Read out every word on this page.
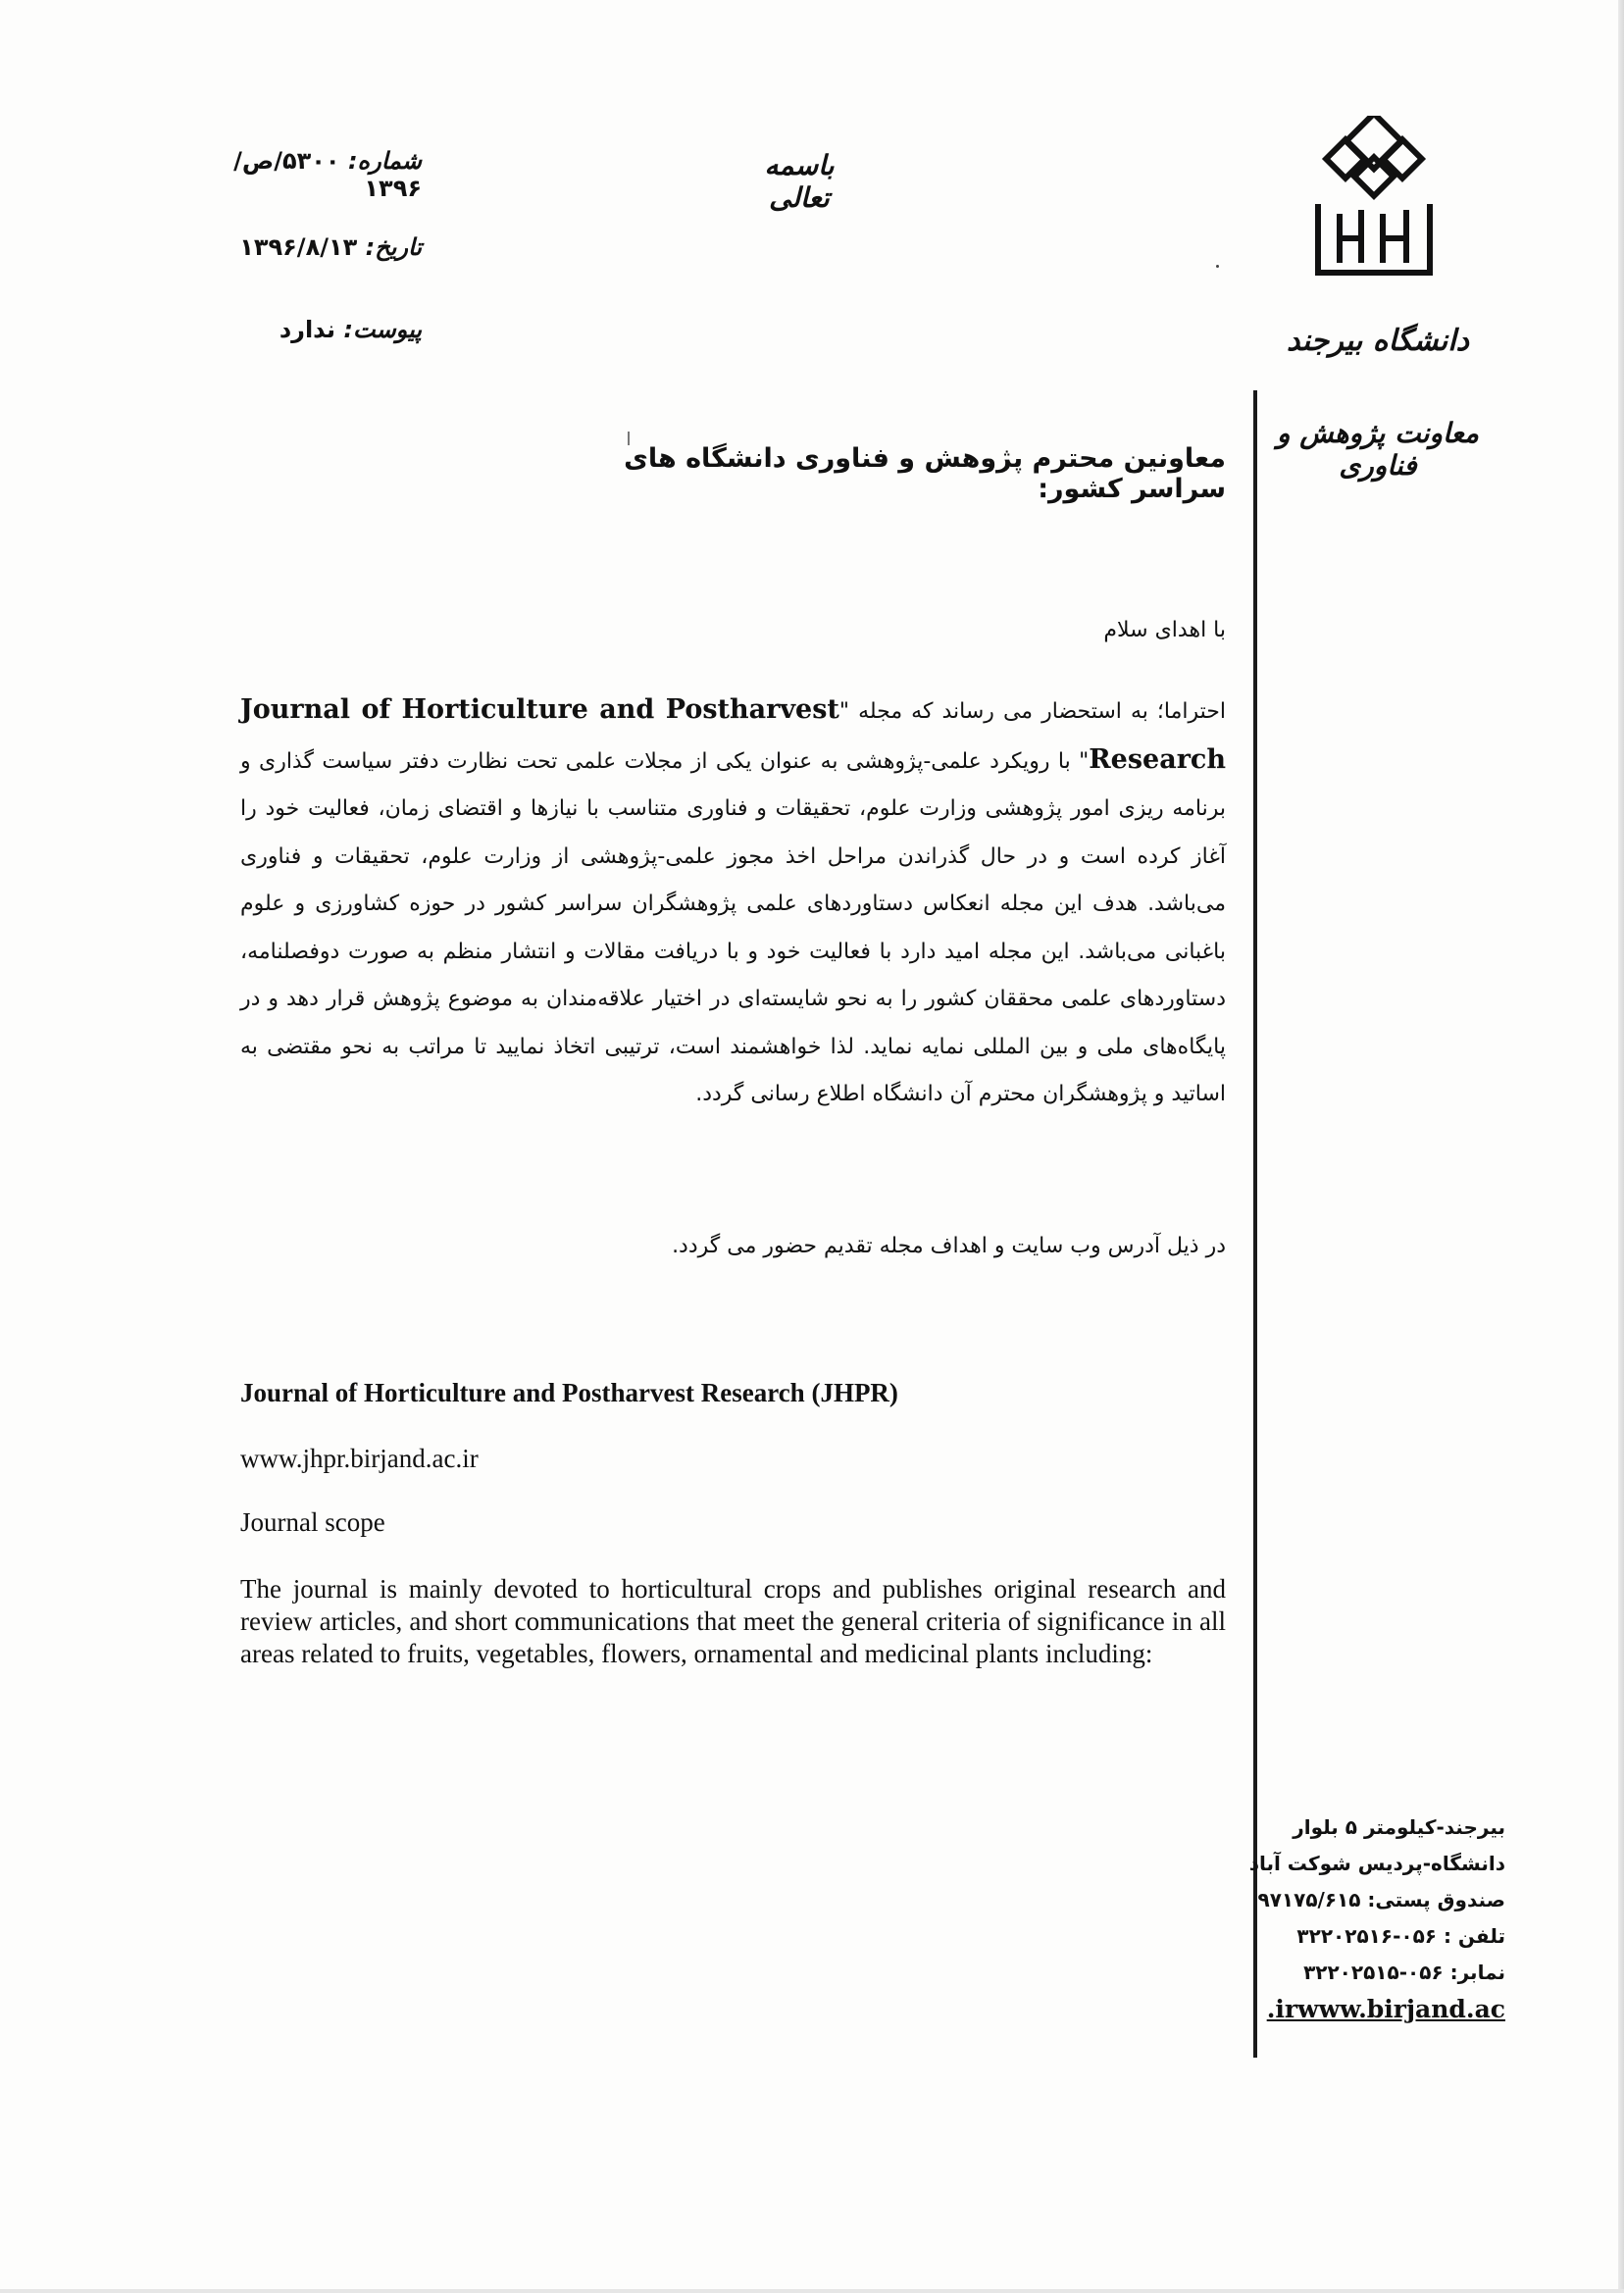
شماره: ۵۳۰۰/ص/۱۳۹۶
تاریخ: ۱۳۹۶/۸/۱۳
پیوست: ندارد
باسمه تعالی
دانشگاه بیرجند
معاونت پژوهش و فناوری
معاونین محترم پژوهش و فناوری دانشگاه های سراسر کشور:
با اهدای سلام

احتراما؛ به استحضار می رساند که مجله "Journal of Horticulture and Postharvest Research" با رویکرد علمی-پژوهشی به عنوان یکی از مجلات علمی تحت نظارت دفتر سیاست گذاری و برنامه ریزی امور پژوهشی وزارت علوم، تحقیقات و فناوری متناسب با نیازها و اقتضای زمان، فعالیت خود را آغاز کرده است و در حال گذراندن مراحل اخذ مجوز علمی-پژوهشی از وزارت علوم، تحقیقات و فناوری می‌باشد. هدف این مجله انعکاس دستاوردهای علمی پژوهشگران سراسر کشور در حوزه کشاورزی و علوم باغبانی می‌باشد. این مجله امید دارد با فعالیت خود و با دریافت مقالات و انتشار منظم به صورت دوفصلنامه، دستاوردهای علمی محققان کشور را به نحو شایسته‌ای در اختیار علاقه‌مندان به موضوع پژوهش قرار دهد و در پایگاه‌های ملی و بین المللی نمایه نماید. لذا خواهشمند است، ترتیبی اتخاذ نمایید تا مراتب به نحو مقتضی به اساتید و پژوهشگران محترم آن دانشگاه اطلاع رسانی گردد.

در ذیل آدرس وب سایت و اهداف مجله تقدیم حضور می گردد.
Journal of Horticulture and Postharvest Research (JHPR)
www.jhpr.birjand.ac.ir
Journal scope

The journal is mainly devoted to horticultural crops and publishes original research and review articles, and short communications that meet the general criteria of significance in all areas related to fruits, vegetables, flowers, ornamental and medicinal plants including:

بیرجند-کیلومتر ۵ بلوار
دانشگاه-پردیس شوکت آباد
صندوق پستی: ۹۷۱۷۵/۶۱۵
تلفن : ۰۵۶-۳۲۲۰۲۵۱۶
نمابر: ۰۵۶-۳۲۲۰۲۵۱۵
.irwww.birjand.ac
